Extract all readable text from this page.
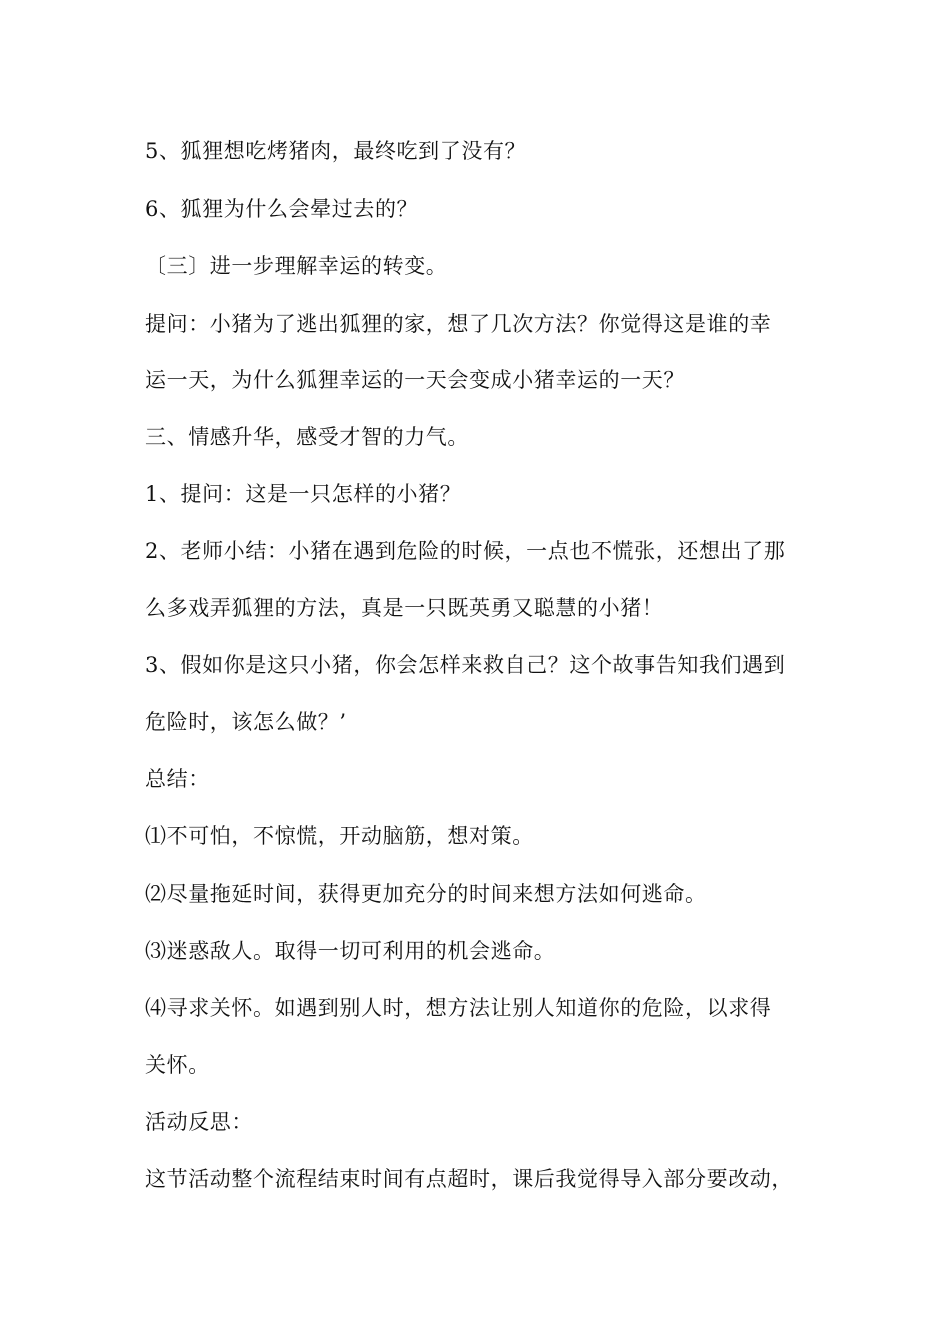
5、狐狸想吃烤猪肉，最终吃到了没有？
6、狐狸为什么会晕过去的？
〔三〕进一步理解幸运的转变。
提问：小猪为了逃出狐狸的家，想了几次方法？你觉得这是谁的幸
运一天，为什么狐狸幸运的一天会变成小猪幸运的一天？
三、情感升华，感受才智的力气。
1、提问：这是一只怎样的小猪？
2、老师小结：小猪在遇到危险的时候，一点也不慌张，还想出了那
么多戏弄狐狸的方法，真是一只既英勇又聪慧的小猪！
3、假如你是这只小猪，你会怎样来救自己？这个故事告知我们遇到
危险时，该怎么做？’
总结：
⑴不可怕，不惊慌，开动脑筋，想对策。
⑵尽量拖延时间，获得更加充分的时间来想方法如何逃命。
⑶迷惑敌人。取得一切可利用的机会逃命。
⑷寻求关怀。如遇到别人时，想方法让别人知道你的危险，以求得
关怀。
活动反思：
这节活动整个流程结束时间有点超时，课后我觉得导入部分要改动，
